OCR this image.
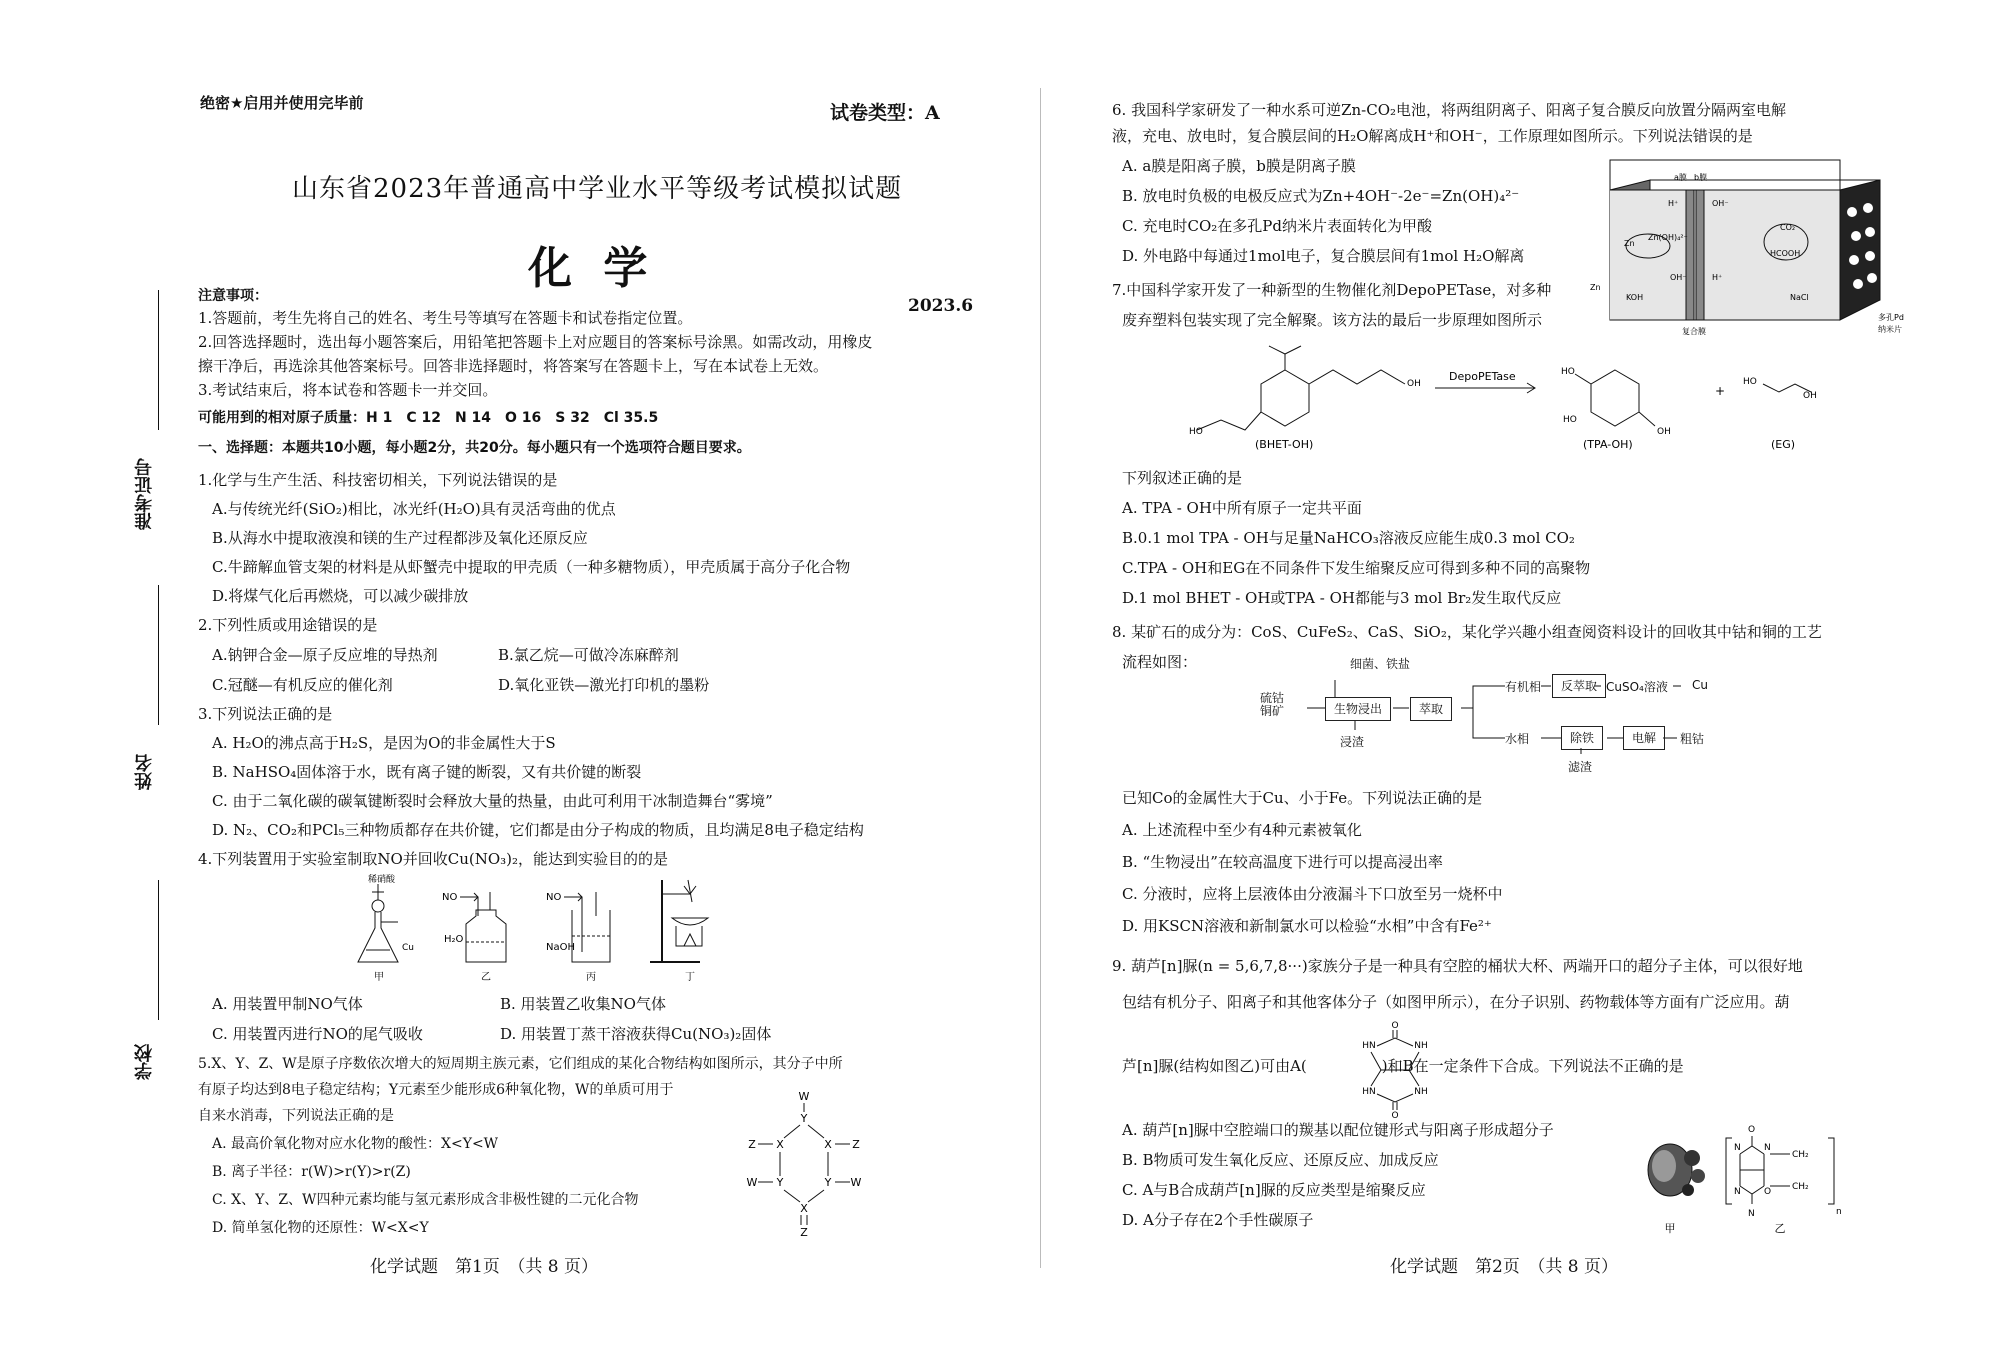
绝密★启用并使用完毕前	试卷类型：A
山东省2023年普通高中学业水平等级考试模拟试题
化 学
2023.6
准考证号
姓名
学校
注意事项：
1.答题前，考生先将自己的姓名、考生号等填写在答题卡和试卷指定位置。
2.回答选择题时，选出每小题答案后，用铅笔把答题卡上对应题目的答案标号涂黑。如需改动，用橡皮
擦干净后，再选涂其他答案标号。回答非选择题时，将答案写在答题卡上，写在本试卷上无效。
3.考试结束后，将本试卷和答题卡一并交回。
可能用到的相对原子质量：H 1　C 12　N 14　O 16　S 32　Cl 35.5
一、选择题：本题共10小题，每小题2分，共20分。每小题只有一个选项符合题目要求。
1.化学与生产生活、科技密切相关，下列说法错误的是
A.与传统光纤(SiO₂)相比，冰光纤(H₂O)具有灵活弯曲的优点
B.从海水中提取液溴和镁的生产过程都涉及氧化还原反应
C.牛蹄解血管支架的材料是从虾蟹壳中提取的甲壳质（一种多糖物质），甲壳质属于高分子化合物
D.将煤气化后再燃烧，可以减少碳排放
2.下列性质或用途错误的是
A.钠钾合金—原子反应堆的导热剂	B.氯乙烷—可做冷冻麻醉剂
C.冠醚—有机反应的催化剂	D.氧化亚铁—激光打印机的墨粉
3.下列说法正确的是
A. H₂O的沸点高于H₂S，是因为O的非金属性大于S
B. NaHSO₄固体溶于水，既有离子键的断裂，又有共价键的断裂
C. 由于二氧化碳的碳氧键断裂时会释放大量的热量，由此可利用干冰制造舞台“雾境”
D. N₂、CO₂和PCl₅三种物质都存在共价键，它们都是由分子构成的物质，且均满足8电子稳定结构
4.下列装置用于实验室制取NO并回收Cu(NO₃)₂，能达到实验目的的是
稀硝酸
Cu
甲
NO
H₂O
乙
NO
NaOH
丙	丁
A. 用装置甲制NO气体	B. 用装置乙收集NO气体
C. 用装置丙进行NO的尾气吸收	D. 用装置丁蒸干溶液获得Cu(NO₃)₂固体
5.X、Y、Z、W是原子序数依次增大的短周期主族元素，它们组成的某化合物结构如图所示，其分子中所
有原子均达到8电子稳定结构；Y元素至少能形成6种氧化物，W的单质可用于
自来水消毒，下列说法正确的是
A. 最高价氧化物对应水化物的酸性：X<Y<W
B. 离子半径：r(W)>r(Y)>r(Z)
C. X、Y、Z、W四种元素均能与氢元素形成含非极性键的二元化合物
D. 简单氢化物的还原性：W<X<Y
W
Y
X
Z	X Z
W Y	Y W
X
Z
化学试题　第1页　（共 8 页）
6. 我国科学家研发了一种水系可逆Zn-CO₂电池，将两组阴离子、阳离子复合膜反向放置分隔两室电解
液，充电、放电时，复合膜层间的H₂O解离成H⁺和OH⁻，工作原理如图所示。下列说法错误的是
A. a膜是阳离子膜，b膜是阴离子膜
B. 放电时负极的电极反应式为Zn+4OH⁻-2e⁻=Zn(OH)₄²⁻
C. 充电时CO₂在多孔Pd纳米片表面转化为甲酸
D. 外电路中每通过1mol电子，复合膜层间有1mol H₂O解离
a膜 b膜
H⁺	OH⁻
Zn
Zn(OH)₄²⁻
CO₂
HCOOH
KOH
OH⁻	H⁺
NaCl
复合膜
Zn
多孔Pd
纳米片
7.中国科学家开发了一种新型的生物催化剂DepoPETase，对多种
废弃塑料包装实现了完全解聚。该方法的最后一步原理如图所示
HO
OH
DepoPETase	HO
HO
OH
+
HO
OH
(BHET-OH)	(TPA-OH)	(EG)
下列叙述正确的是
A. TPA - OH中所有原子一定共平面
B.0.1 mol TPA - OH与足量NaHCO₃溶液反应能生成0.3 mol CO₂
C.TPA - OH和EG在不同条件下发生缩聚反应可得到多种不同的高聚物
D.1 mol BHET - OH或TPA - OH都能与3 mol Br₂发生取代反应
8. 某矿石的成分为：CoS、CuFeS₂、CaS、SiO₂，某化学兴趣小组查阅资料设计的回收其中钴和铜的工艺
流程如图：	细菌、铁盐
硫钴铜矿	生物浸出
浸渣
萃取
有机相	反萃取 CuSO₄溶液 Cu
水相	除铁
滤渣
电解	粗钴
已知Co的金属性大于Cu、小于Fe。下列说法正确的是
A. 上述流程中至少有4种元素被氧化
B. “生物浸出”在较高温度下进行可以提高浸出率
C. 分液时，应将上层液体由分液漏斗下口放至另一烧杯中
D. 用KSCN溶液和新制氯水可以检验“水相”中含有Fe²⁺
9. 葫芦[n]脲(n = 5,6,7,8···)家族分子是一种具有空腔的桶状大杯、两端开口的超分子主体，可以很好地
包结有机分子、阳离子和其他客体分子（如图甲所示），在分子识别、药物载体等方面有广泛应用。葫
芦[n]脲(结构如图乙)可由A(　　　　　)和B在一定条件下合成。下列说法不正确的是
O
HN	NH
HN	NH
O
A. 葫芦[n]脲中空腔端口的羰基以配位键形式与阳离子形成超分子
B. B物质可发生氧化反应、还原反应、加成反应
C. A与B合成葫芦[n]脲的反应类型是缩聚反应
D. A分子存在2个手性碳原子	甲
O
N
N	N
N	O
CH₂
CH₂
n
乙
化学试题　第2页　（共 8 页）
